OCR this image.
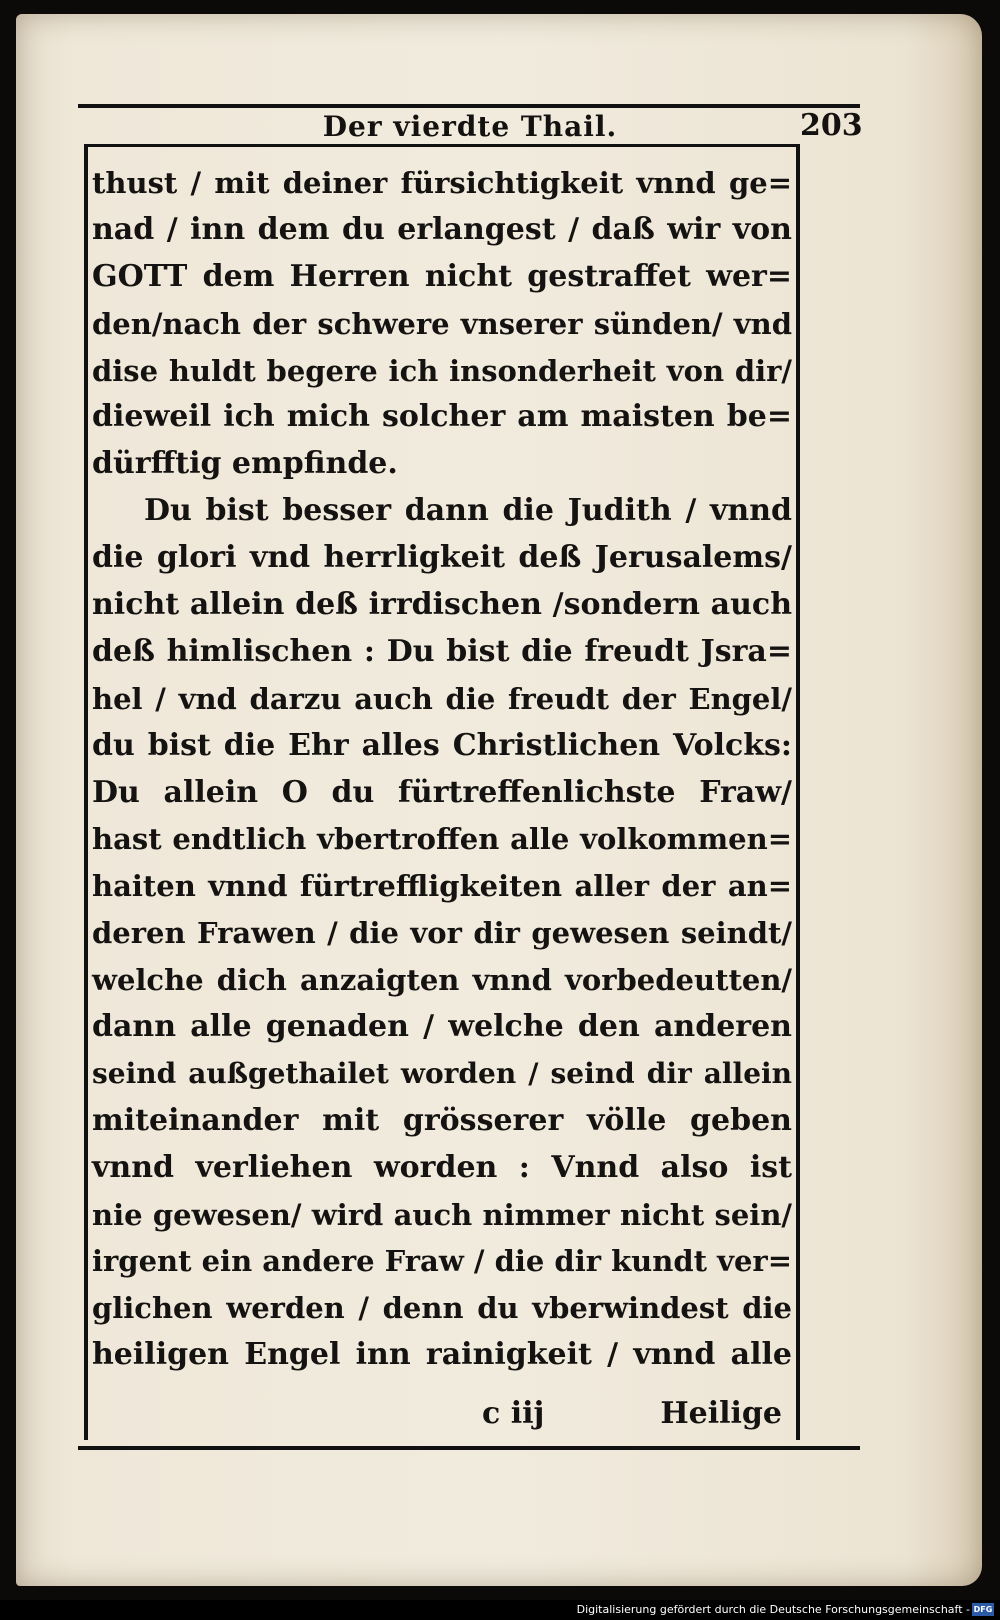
Der vierdte Thail.	203
thust / mit deiner fürsichtigkeit vnnd ge=
nad / inn dem du erlangest / daß wir von
GOTT dem Herren nicht gestraffet wer=
den/nach der schwere vnserer sünden/ vnd
dise huldt begere ich insonderheit von dir/
dieweil ich mich solcher am maisten be=
dürfftig empfinde.
Du bist besser dann die Judith / vnnd
die glori vnd herrligkeit deß Jerusalems/
nicht allein deß irrdischen /sondern auch
deß himlischen : Du bist die freudt Jsra=
hel / vnd darzu auch die freudt der Engel/
du bist die Ehr alles Christlichen Volcks:
Du allein O du fürtreffenlichste Fraw/
hast endtlich vbertroffen alle volkommen=
haiten vnnd fürtreffligkeiten aller der an=
deren Frawen / die vor dir gewesen seindt/
welche dich anzaigten vnnd vorbedeutten/
dann alle genaden / welche den anderen
seind außgethailet worden / seind dir allein
miteinander mit grösserer völle geben
vnnd verliehen worden : Vnnd also ist
nie gewesen/ wird auch nimmer nicht sein/
irgent ein andere Fraw / die dir kundt ver=
glichen werden / denn du vberwindest die
heiligen Engel inn rainigkeit / vnnd alle
c iij	Heilige
Digitalisierung gefördert durch die Deutsche Forschungsgemeinschaft - DFG
